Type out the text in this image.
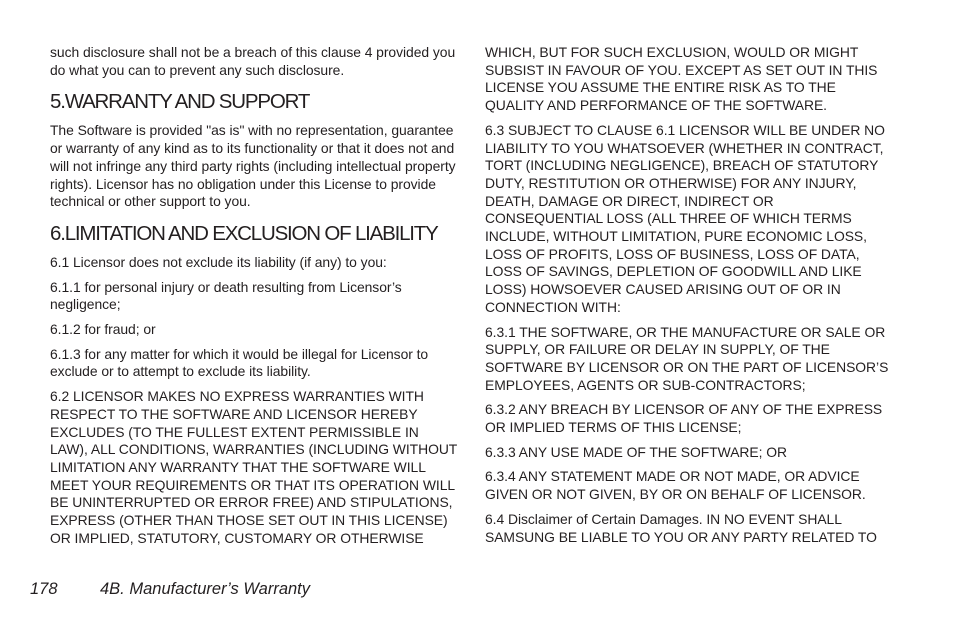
such disclosure shall not be a breach of this clause 4 provided you do what you can to prevent any such disclosure.

5.WARRANTY AND SUPPORT

The Software is provided "as is" with no representation, guarantee or warranty of any kind as to its functionality or that it does not and will not infringe any third party rights (including intellectual property rights). Licensor has no obligation under this License to provide technical or other support to you.

6.LIMITATION AND EXCLUSION OF LIABILITY

6.1 Licensor does not exclude its liability (if any) to you:

6.1.1 for personal injury or death resulting from Licensor’s negligence;

6.1.2 for fraud; or

6.1.3 for any matter for which it would be illegal for Licensor to exclude or to attempt to exclude its liability.

6.2 LICENSOR MAKES NO EXPRESS WARRANTIES WITH RESPECT TO THE SOFTWARE AND LICENSOR HEREBY EXCLUDES (TO THE FULLEST EXTENT PERMISSIBLE IN LAW), ALL CONDITIONS, WARRANTIES (INCLUDING WITHOUT LIMITATION ANY WARRANTY THAT THE SOFTWARE WILL MEET YOUR REQUIREMENTS OR THAT ITS OPERATION WILL BE UNINTERRUPTED OR ERROR FREE) AND STIPULATIONS, EXPRESS (OTHER THAN THOSE SET OUT IN THIS LICENSE) OR IMPLIED, STATUTORY, CUSTOMARY OR OTHERWISE

WHICH, BUT FOR SUCH EXCLUSION, WOULD OR MIGHT SUBSIST IN FAVOUR OF YOU. EXCEPT AS SET OUT IN THIS LICENSE YOU ASSUME THE ENTIRE RISK AS TO THE QUALITY AND PERFORMANCE OF THE SOFTWARE.

6.3 SUBJECT TO CLAUSE 6.1 LICENSOR WILL BE UNDER NO LIABILITY TO YOU WHATSOEVER (WHETHER IN CONTRACT, TORT (INCLUDING NEGLIGENCE), BREACH OF STATUTORY DUTY, RESTITUTION OR OTHERWISE) FOR ANY INJURY, DEATH, DAMAGE OR DIRECT, INDIRECT OR CONSEQUENTIAL LOSS (ALL THREE OF WHICH TERMS INCLUDE, WITHOUT LIMITATION, PURE ECONOMIC LOSS, LOSS OF PROFITS, LOSS OF BUSINESS, LOSS OF DATA, LOSS OF SAVINGS, DEPLETION OF GOODWILL AND LIKE LOSS) HOWSOEVER CAUSED ARISING OUT OF OR IN CONNECTION WITH:

6.3.1 THE SOFTWARE, OR THE MANUFACTURE OR SALE OR SUPPLY, OR FAILURE OR DELAY IN SUPPLY, OF THE SOFTWARE BY LICENSOR OR ON THE PART OF LICENSOR’S EMPLOYEES, AGENTS OR SUB-CONTRACTORS;

6.3.2 ANY BREACH BY LICENSOR OF ANY OF THE EXPRESS OR IMPLIED TERMS OF THIS LICENSE;

6.3.3 ANY USE MADE OF THE SOFTWARE; OR

6.3.4 ANY STATEMENT MADE OR NOT MADE, OR ADVICE GIVEN OR NOT GIVEN, BY OR ON BEHALF OF LICENSOR.

6.4 Disclaimer of Certain Damages. IN NO EVENT SHALL SAMSUNG BE LIABLE TO YOU OR ANY PARTY RELATED TO

178	4B. Manufacturer’s Warranty
